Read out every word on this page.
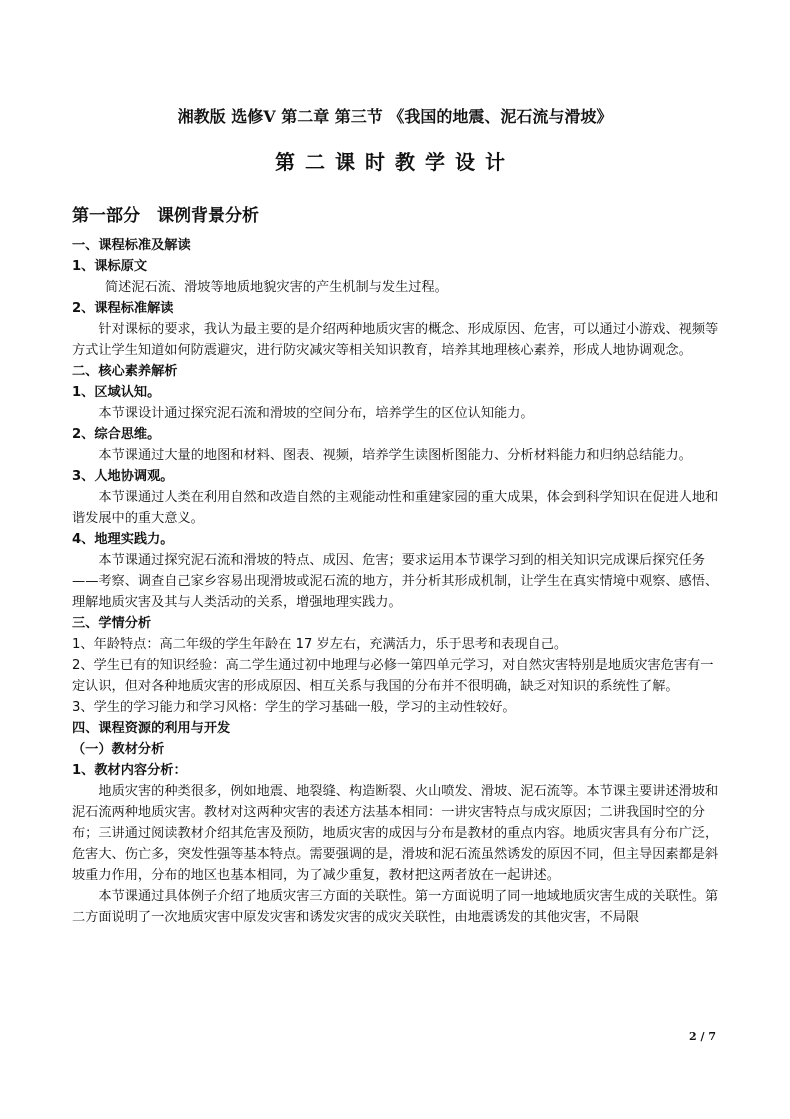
湘教版 选修Ⅴ 第二章 第三节 《我国的地震、泥石流与滑坡》
第二课时教学设计
第一部分　课例背景分析

一、课程标准及解读

1、课标原文

简述泥石流、滑坡等地质地貌灾害的产生机制与发生过程。

2、课程标准解读

针对课标的要求，我认为最主要的是介绍两种地质灾害的概念、形成原因、危害，可以通过小游戏、视频等方式让学生知道如何防震避灾，进行防灾减灾等相关知识教育，培养其地理核心素养，形成人地协调观念。

二、核心素养解析

1、区域认知。

本节课设计通过探究泥石流和滑坡的空间分布，培养学生的区位认知能力。

2、综合思维。

本节课通过大量的地图和材料、图表、视频，培养学生读图析图能力、分析材料能力和归纳总结能力。

3、人地协调观。

本节课通过人类在利用自然和改造自然的主观能动性和重建家园的重大成果，体会到科学知识在促进人地和谐发展中的重大意义。

4、地理实践力。

本节课通过探究泥石流和滑坡的特点、成因、危害；要求运用本节课学习到的相关知识完成课后探究任务——考察、调查自己家乡容易出现滑坡或泥石流的地方，并分析其形成机制，让学生在真实情境中观察、感悟、理解地质灾害及其与人类活动的关系，增强地理实践力。

三、学情分析

1、年龄特点：高二年级的学生年龄在 17 岁左右，充满活力，乐于思考和表现自己。

2、学生已有的知识经验：高二学生通过初中地理与必修一第四单元学习，对自然灾害特别是地质灾害危害有一定认识，但对各种地质灾害的形成原因、相互关系与我国的分布并不很明确，缺乏对知识的系统性了解。

3、学生的学习能力和学习风格：学生的学习基础一般，学习的主动性较好。

四、课程资源的利用与开发

（一）教材分析

1、教材内容分析：

地质灾害的种类很多，例如地震、地裂缝、构造断裂、火山喷发、滑坡、泥石流等。本节课主要讲述滑坡和泥石流两种地质灾害。教材对这两种灾害的表述方法基本相同：一讲灾害特点与成灾原因；二讲我国时空的分布；三讲通过阅读教材介绍其危害及预防，地质灾害的成因与分布是教材的重点内容。地质灾害具有分布广泛，危害大、伤亡多，突发性强等基本特点。需要强调的是，滑坡和泥石流虽然诱发的原因不同，但主导因素都是斜坡重力作用，分布的地区也基本相同，为了减少重复，教材把这两者放在一起讲述。

本节课通过具体例子介绍了地质灾害三方面的关联性。第一方面说明了同一地域地质灾害生成的关联性。第二方面说明了一次地质灾害中原发灾害和诱发灾害的成灾关联性，由地震诱发的其他灾害，不局限

2 / 7
